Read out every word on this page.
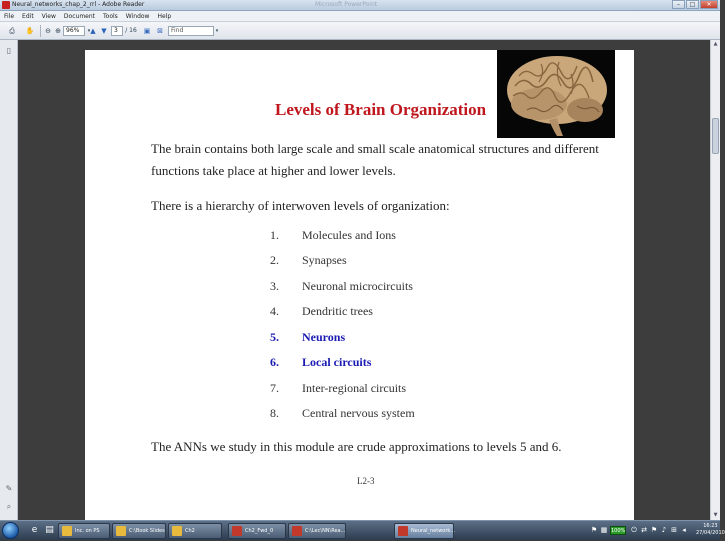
Neural_networks_chap_2_rrl - Adobe Reader	Microsoft PowerPoint	–	□	✕
File	Edit	View	Document	Tools	Window	Help
⎙	✋ ⊖ ⊕ 96%	▾ ▲ ▼	3	/ 16 ▣ ⊠	Find	▾
▯
✎
⌕
Levels of Brain Organization
The brain contains both large scale and small scale anatomical structures and different
functions take place at higher and lower levels.
There is a hierarchy of interwoven levels of organization:
1. Molecules and Ions
2. Synapses
3. Neuronal microcircuits
4. Dendritic trees
5. Neurons
6. Local circuits
7. Inter-regional circuits
8. Central nervous system
The ANNs we study in this module are crude approximations to levels 5 and 6.
L2-3
▲
▼
e ▤	Inc. on PS	C:\Book Slides	Ch2	Ch2_Fwd_0	C:\Lec\NN\Rea...	Neural_network...	⚑ ▦ 100% ⏻ ⇄ ⚑ ♪ ⊞ ◂	16:23
27/04/2010
